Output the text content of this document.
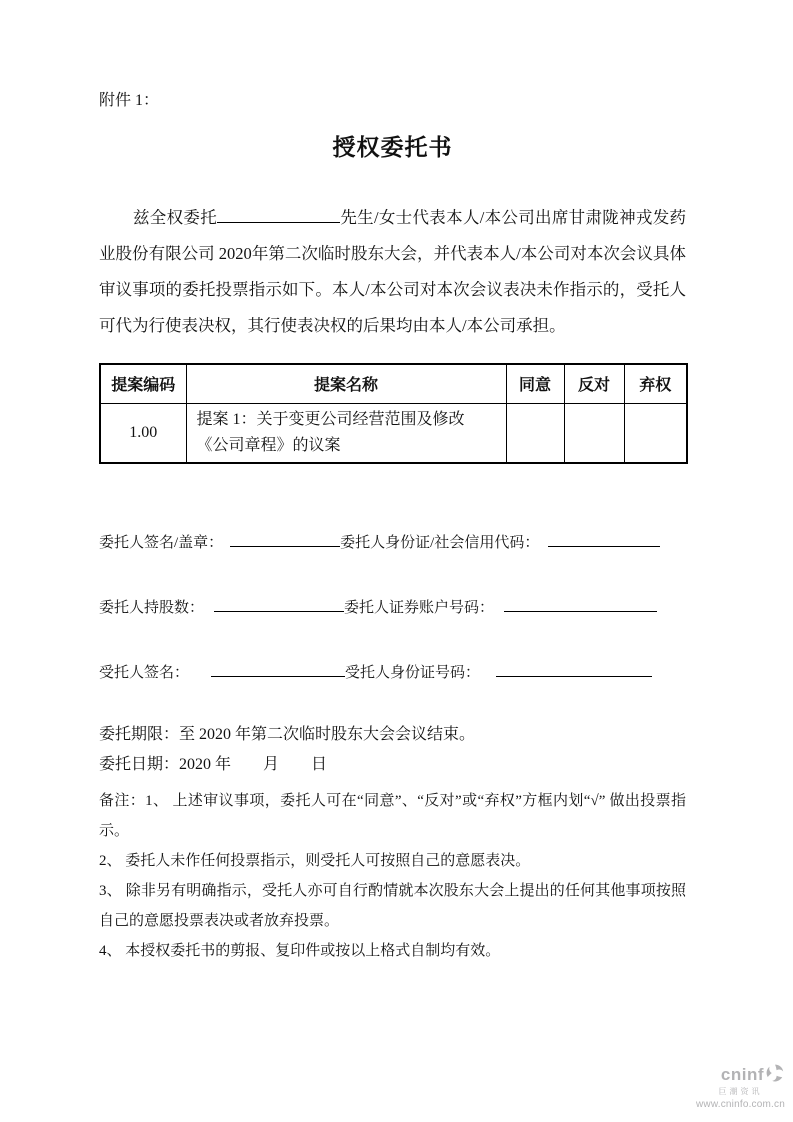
附件 1：
授权委托书

兹全权委托	先生/女士代表本人/本公司出席甘肃陇神戎发药业股份有限公司 2020年第二次临时股东大会，并代表本人/本公司对本次会议具体审议事项的委托投票指示如下。本人/本公司对本次会议表决未作指示的，受托人可代为行使表决权，其行使表决权的后果均由本人/本公司承担。

提案编码	提案名称	同意	反对	弃权
1.00	提案 1：关于变更公司经营范围及修改《公司章程》的议案			
委托人签名/盖章：	委托人身份证/社会信用代码：
委托人持股数：	委托人证券账户号码：
受托人签名：	受托人身份证号码：

委托期限：至 2020 年第二次临时股东大会会议结束。

委托日期：2020 年　　月　　日

备注：1、 上述审议事项，委托人可在“同意”、“反对”或“弃权”方框内划“√” 做出投票指示。

2、 委托人未作任何投票指示，则受托人可按照自己的意愿表决。

3、 除非另有明确指示，受托人亦可自行酌情就本次股东大会上提出的任何其他事项按照自己的意愿投票表决或者放弃投票。

4、 本授权委托书的剪报、复印件或按以上格式自制均有效。

cninf
巨潮资讯
www.cninfo.com.cn
